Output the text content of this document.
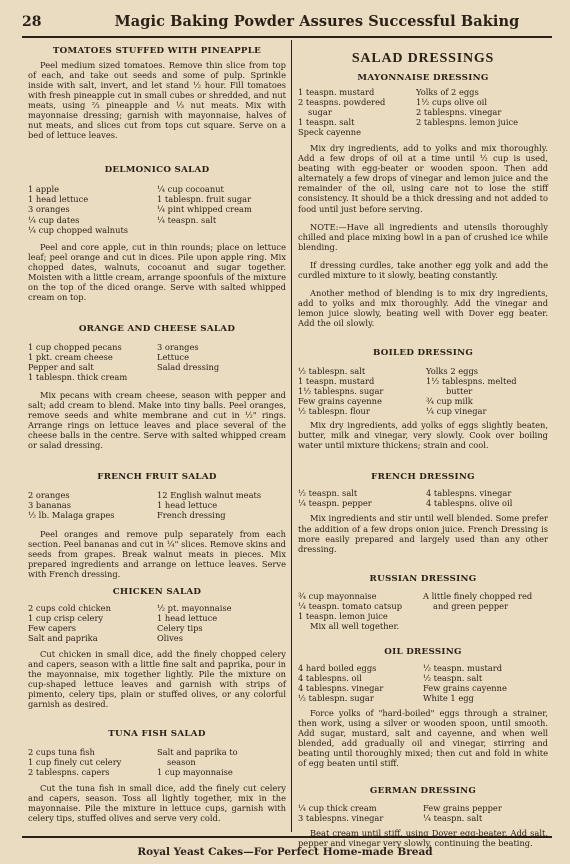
28	Magic Baking Powder Assures Successful Baking
TOMATOES STUFFED WITH PINEAPPLE

Peel medium sized tomatoes. Remove thin slice from top of each, and take out seeds and some of pulp. Sprinkle inside with salt, invert, and let stand ½ hour. Fill tomatoes with fresh pineapple cut in small cubes or shredded, and nut meats, using ⅔ pineapple and ⅓ nut meats. Mix with mayonnaise dressing; garnish with mayonnaise, halves of nut meats, and slices cut from tops cut square. Serve on a bed of lettuce leaves.

DELMONICO SALAD
1 apple	¼ cup cocoanut
1 head lettuce	1 tablespn. fruit sugar
3 oranges	¼ pint whipped cream
¼ cup dates	¼ teaspn. salt
¼ cup chopped walnuts

Peel and core apple, cut in thin rounds; place on lettuce leaf; peel orange and cut in dices. Pile upon apple ring. Mix chopped dates, walnuts, cocoanut and sugar together. Moisten with a little cream, arrange spoonfuls of the mixture on the top of the diced orange. Serve with salted whipped cream on top.

ORANGE AND CHEESE SALAD
1 cup chopped pecans	3 oranges
1 pkt. cream cheese	Lettuce
Pepper and salt	Salad dressing
1 tablespn. thick cream

Mix pecans with cream cheese, season with pepper and salt; add cream to blend. Make into tiny balls. Peel oranges, remove seeds and white membrane and cut in ½" rings. Arrange rings on lettuce leaves and place several of the cheese balls in the centre. Serve with salted whipped cream or salad dressing.

FRENCH FRUIT SALAD
2 oranges	12 English walnut meats
3 bananas	1 head lettuce
½ lb. Malaga grapes	French dressing

Peel oranges and remove pulp separately from each section. Peel bananas and cut in ¼" slices. Remove skins and seeds from grapes. Break walnut meats in pieces. Mix prepared ingredients and arrange on lettuce leaves. Serve with French dressing.

CHICKEN SALAD
2 cups cold chicken	½ pt. mayonnaise
1 cup crisp celery	1 head lettuce
Few capers	Celery tips
Salt and paprika	Olives

Cut chicken in small dice, add the finely chopped celery and capers, season with a little fine salt and paprika, pour in the mayonnaise, mix together lightly. Pile the mixture on cup-shaped lettuce leaves and garnish with strips of pimento, celery tips, plain or stuffed olives, or any colorful garnish as desired.

TUNA FISH SALAD
2 cups tuna fish	Salt and paprika to
1 cup finely cut celery	season
2 tablespns. capers	1 cup mayonnaise

Cut the tuna fish in small dice, add the finely cut celery and capers, season. Toss all lightly together, mix in the mayonnaise. Pile the mixture in lettuce cups, garnish with celery tips, stuffed olives and serve very cold.

SALAD DRESSINGS
MAYONNAISE DRESSING
1 teaspn. mustard	Yolks of 2 eggs
2 teaspns. powdered	1½ cups olive oil
sugar	2 tablespns. vinegar
1 teaspn. salt	2 tablespns. lemon juice
Speck cayenne

Mix dry ingredients, add to yolks and mix thoroughly. Add a few drops of oil at a time until ½ cup is used, beating with egg-beater or wooden spoon. Then add alternately a few drops of vinegar and lemon juice and the remainder of the oil, using care not to lose the stiff consistency. It should be a thick dressing and not added to food until just before serving.

NOTE:—Have all ingredients and utensils thoroughly chilled and place mixing bowl in a pan of crushed ice while blending.

If dressing curdles, take another egg yolk and add the curdled mixture to it slowly, beating constantly.

Another method of blending is to mix dry ingredients, add to yolks and mix thoroughly. Add the vinegar and lemon juice slowly, beating well with Dover egg beater. Add the oil slowly.

BOILED DRESSING
½ tablespn. salt	Yolks 2 eggs
1 teaspn. mustard	1½ tablespns. melted
1½ tablespns. sugar	butter
Few grains cayenne	¾ cup milk
½ tablespn. flour	¼ cup vinegar

Mix dry ingredients, add yolks of eggs slightly beaten, butter, milk and vinegar, very slowly. Cook over boiling water until mixture thickens; strain and cool.

FRENCH DRESSING
½ teaspn. salt	4 tablespns. vinegar
¼ teaspn. pepper	4 tablespns. olive oil

Mix ingredients and stir until well blended. Some prefer the addition of a few drops onion juice. French Dressing is more easily prepared and largely used than any other dressing.

RUSSIAN DRESSING
¾ cup mayonnaise	A little finely chopped red
¼ teaspn. tomato catsup	and green pepper
1 teaspn. lemon juice

Mix all well together.

OIL DRESSING
4 hard boiled eggs	½ teaspn. mustard
4 tablespns. oil	½ teaspn. salt
4 tablespns. vinegar	Few grains cayenne
½ tablespn. sugar	White 1 egg

Force yolks of "hard-boiled" eggs through a strainer, then work, using a silver or wooden spoon, until smooth. Add sugar, mustard, salt and cayenne, and when well blended, add gradually oil and vinegar, stirring and beating until thoroughly mixed; then cut and fold in white of egg beaten until stiff.

GERMAN DRESSING
¼ cup thick cream	Few grains pepper
3 tablespns. vinegar	¼ teaspn. salt

Beat cream until stiff, using Dover egg-beater. Add salt, pepper and vinegar very slowly, continuing the beating.

Royal Yeast Cakes—For Perfect Home-made Bread
